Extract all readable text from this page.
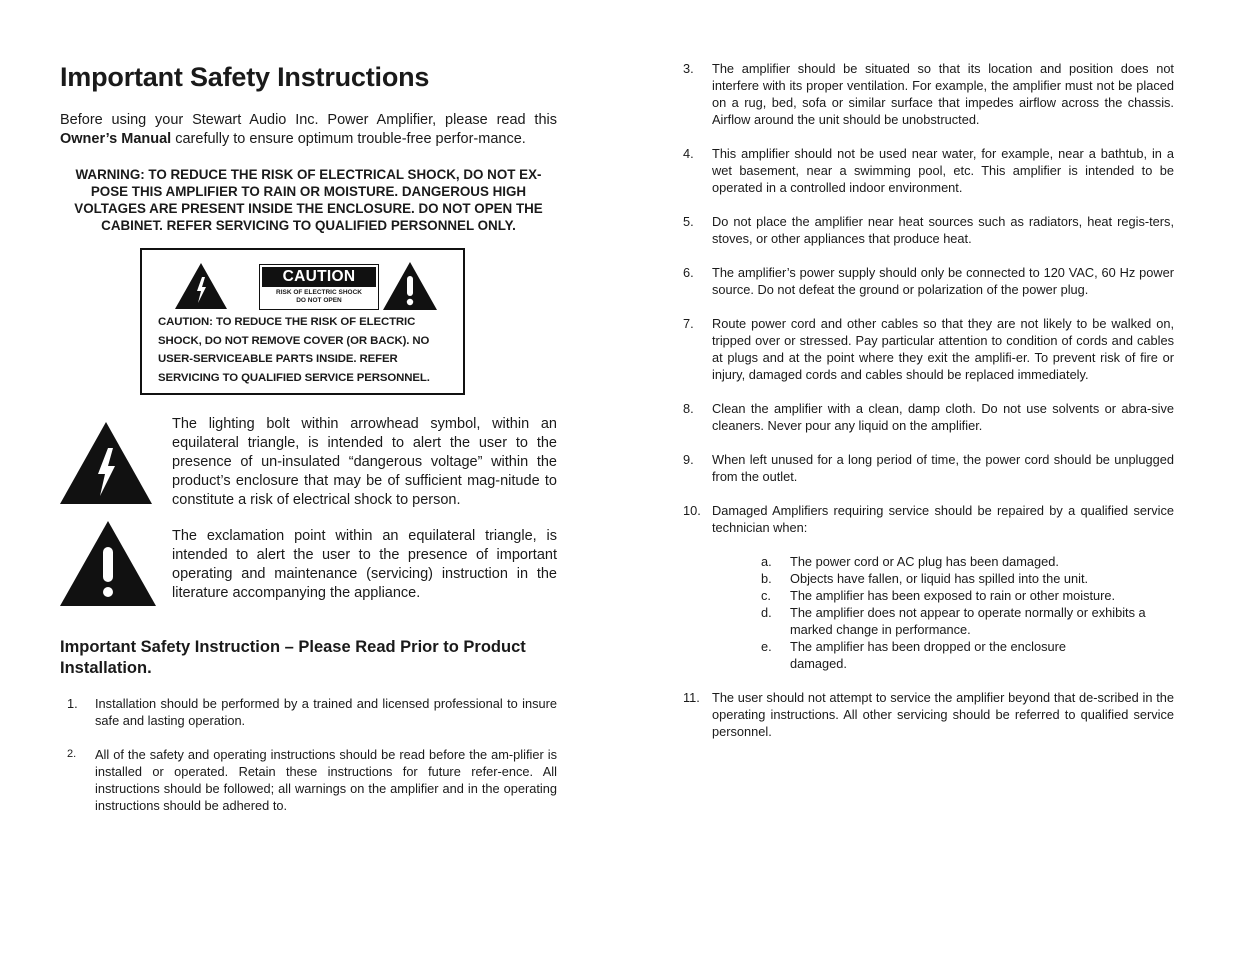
Important Safety Instructions

Before using your Stewart Audio Inc. Power Amplifier, please read this Owner’s Manual carefully to ensure optimum trouble-free perfor-mance.

WARNING: TO REDUCE THE RISK OF ELECTRICAL SHOCK, DO NOT EX-POSE THIS AMPLIFIER TO RAIN OR MOISTURE. DANGEROUS HIGH VOLTAGES ARE PRESENT INSIDE THE ENCLOSURE. DO NOT OPEN THE CABINET. REFER SERVICING TO QUALIFIED PERSONNEL ONLY.

CAUTION
RISK OF ELECTRIC SHOCK
DO NOT OPEN
CAUTION: TO REDUCE THE RISK OF ELECTRIC SHOCK, DO NOT REMOVE COVER (OR BACK). NO USER-SERVICEABLE PARTS INSIDE. REFER SERVICING TO QUALIFIED SERVICE PERSONNEL.

The lighting bolt within arrowhead symbol, within an equilateral triangle, is intended to alert the user to the presence of un-insulated “dangerous voltage” within the product’s enclosure that may be of sufficient mag-nitude to constitute a risk of electrical shock to person.

The exclamation point within an equilateral triangle, is intended to alert the user to the presence of important operating and maintenance (servicing) instruction in the literature accompanying the appliance.

Important Safety Instruction – Please Read Prior to Product Installation.
1. Installation should be performed by a trained and licensed professional to insure safe and lasting operation.
2. All of the safety and operating instructions should be read before the am-plifier is installed or operated. Retain these instructions for future refer-ence. All instructions should be followed; all warnings on the amplifier and in the operating instructions should be adhered to.
3. The amplifier should be situated so that its location and position does not interfere with its proper ventilation. For example, the amplifier must not be placed on a rug, bed, sofa or similar surface that impedes airflow across the chassis. Airflow around the unit should be unobstructed.
4. This amplifier should not be used near water, for example, near a bathtub, in a wet basement, near a swimming pool, etc. This amplifier is intended to be operated in a controlled indoor environment.
5. Do not place the amplifier near heat sources such as radiators, heat regis-ters, stoves, or other appliances that produce heat.
6. The amplifier’s power supply should only be connected to 120 VAC, 60 Hz power source. Do not defeat the ground or polarization of the power plug.
7. Route power cord and other cables so that they are not likely to be walked on, tripped over or stressed. Pay particular attention to condition of cords and cables at plugs and at the point where they exit the amplifi-er. To prevent risk of fire or injury, damaged cords and cables should be replaced immediately.
8. Clean the amplifier with a clean, damp cloth. Do not use solvents or abra-sive cleaners. Never pour any liquid on the amplifier.
9. When left unused for a long period of time, the power cord should be unplugged from the outlet.
10. Damaged Amplifiers requiring service should be repaired by a qualified service technician when:
a. The power cord or AC plug has been damaged.
b. Objects have fallen, or liquid has spilled into the unit.
c. The amplifier has been exposed to rain or other moisture.
d. The amplifier does not appear to operate normally or exhibits a marked change in performance.
e. The amplifier has been dropped or the enclosure damaged.
11. The user should not attempt to service the amplifier beyond that de-scribed in the operating instructions. All other servicing should be referred to qualified service personnel.
